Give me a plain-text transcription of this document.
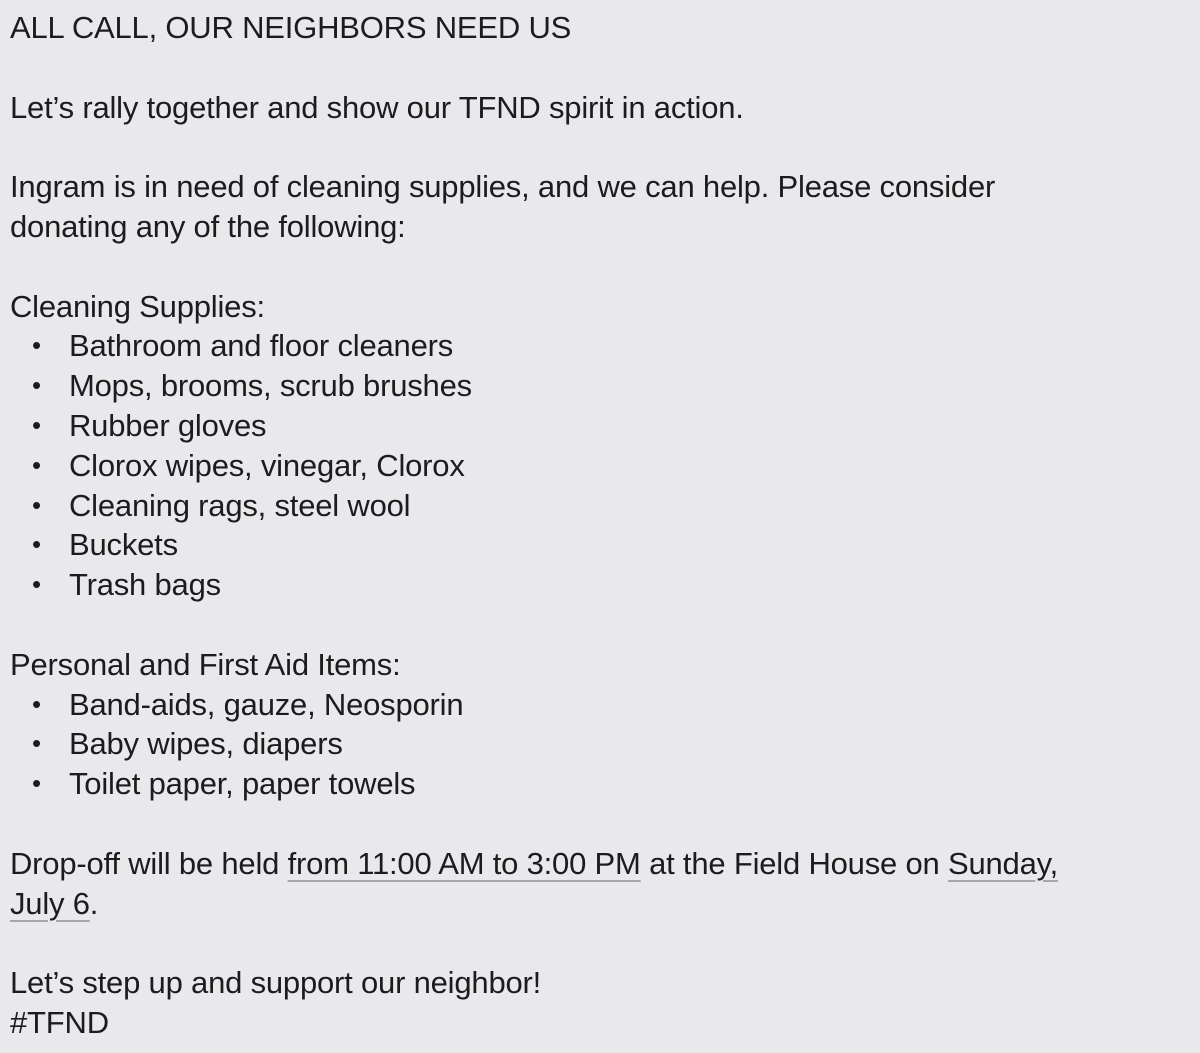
ALL CALL, OUR NEIGHBORS NEED US
Let’s rally together and show our TFND spirit in action.
Ingram is in need of cleaning supplies, and we can help. Please consider
donating any of the following:
Cleaning Supplies:
• Bathroom and floor cleaners
• Mops, brooms, scrub brushes
• Rubber gloves
• Clorox wipes, vinegar, Clorox
• Cleaning rags, steel wool
• Buckets
• Trash bags
Personal and First Aid Items:
• Band-aids, gauze, Neosporin
• Baby wipes, diapers
• Toilet paper, paper towels
Drop-off will be held from 11:00 AM to 3:00 PM at the Field House on Sunday,
July 6.
Let’s step up and support our neighbor!
#TFND
